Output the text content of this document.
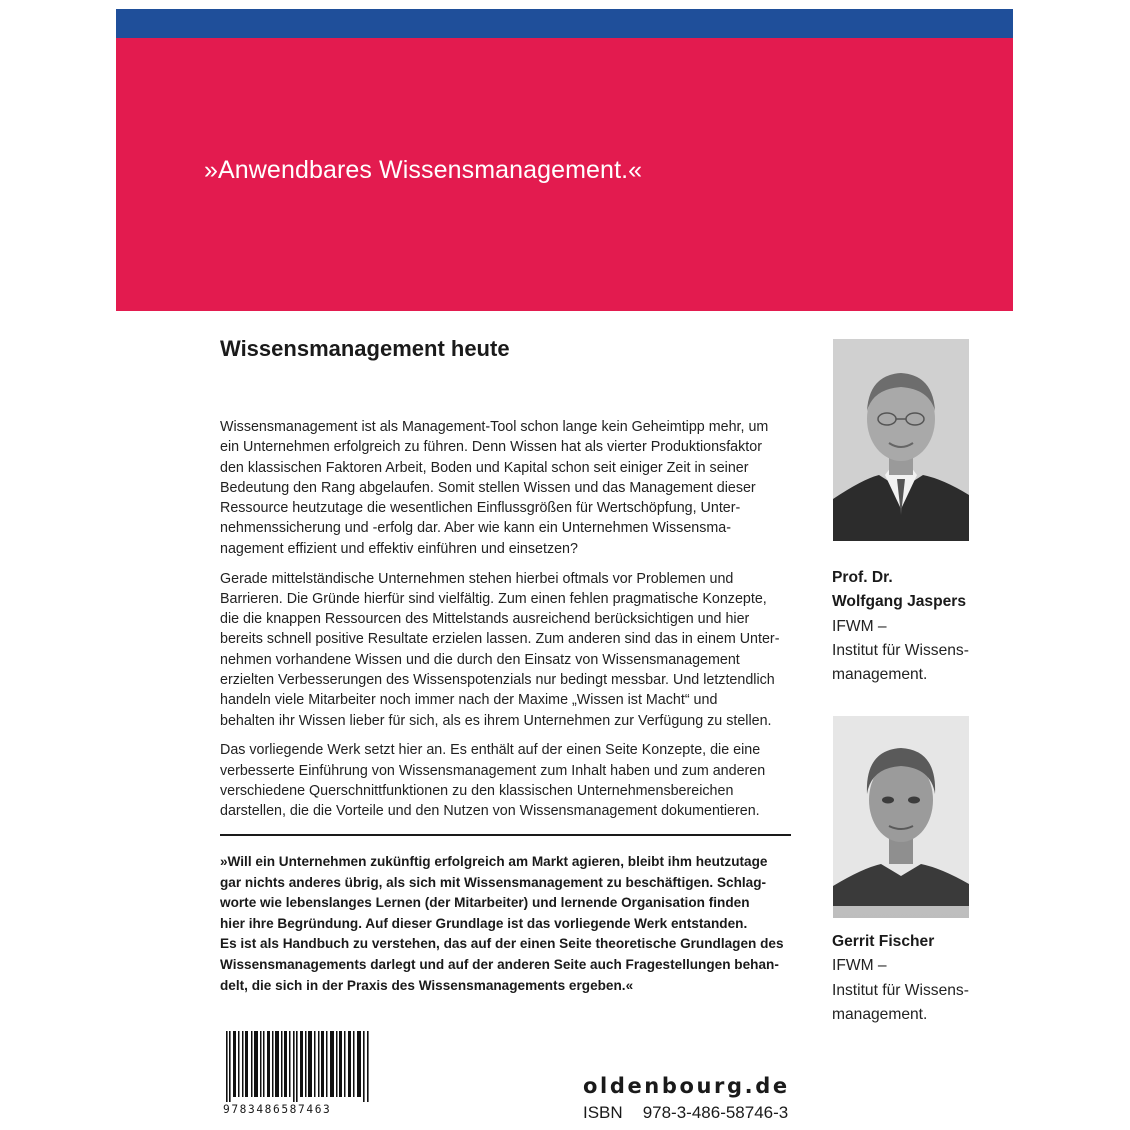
»Anwendbares Wissensmanagement.«

Wissensmanagement heute

Wissensmanagement ist als Management-Tool schon lange kein Geheimtipp mehr, um
ein Unternehmen erfolgreich zu führen. Denn Wissen hat als vierter Produktionsfaktor
den klassischen Faktoren Arbeit, Boden und Kapital schon seit einiger Zeit in seiner
Bedeutung den Rang abgelaufen. Somit stellen Wissen und das Management dieser
Ressource heutzutage die wesentlichen Einflussgrößen für Wertschöpfung, Unter-
nehmenssicherung und -erfolg dar. Aber wie kann ein Unternehmen Wissensma-
nagement effizient und effektiv einführen und einsetzen?

Gerade mittelständische Unternehmen stehen hierbei oftmals vor Problemen und
Barrieren. Die Gründe hierfür sind vielfältig. Zum einen fehlen pragmatische Konzepte,
die die knappen Ressourcen des Mittelstands ausreichend berücksichtigen und hier
bereits schnell positive Resultate erzielen lassen. Zum anderen sind das in einem Unter-
nehmen vorhandene Wissen und die durch den Einsatz von Wissensmanagement
erzielten Verbesserungen des Wissenspotenzials nur bedingt messbar. Und letztendlich
handeln viele Mitarbeiter noch immer nach der Maxime „Wissen ist Macht“ und
behalten ihr Wissen lieber für sich, als es ihrem Unternehmen zur Verfügung zu stellen.

Das vorliegende Werk setzt hier an. Es enthält auf der einen Seite Konzepte, die eine
verbesserte Einführung von Wissensmanagement zum Inhalt haben und zum anderen
verschiedene Querschnittfunktionen zu den klassischen Unternehmensbereichen
darstellen, die die Vorteile und den Nutzen von Wissensmanagement dokumentieren.

»Will ein Unternehmen zukünftig erfolgreich am Markt agieren, bleibt ihm heutzutage
gar nichts anderes übrig, als sich mit Wissensmanagement zu beschäftigen. Schlag-
worte wie lebenslanges Lernen (der Mitarbeiter) und lernende Organisation finden
hier ihre Begründung. Auf dieser Grundlage ist das vorliegende Werk entstanden.
Es ist als Handbuch zu verstehen, das auf der einen Seite theoretische Grundlagen des
Wissensmanagements darlegt und auf der anderen Seite auch Fragestellungen behan-
delt, die sich in der Praxis des Wissensmanagements ergeben.«
Prof. Dr.
Wolfgang Jaspers
IFWM –
Institut für Wissens-
management.
Gerrit Fischer
IFWM –
Institut für Wissens-
management.

9783486587463

oldenbourg.de

ISBN 978-3-486-58746-3
